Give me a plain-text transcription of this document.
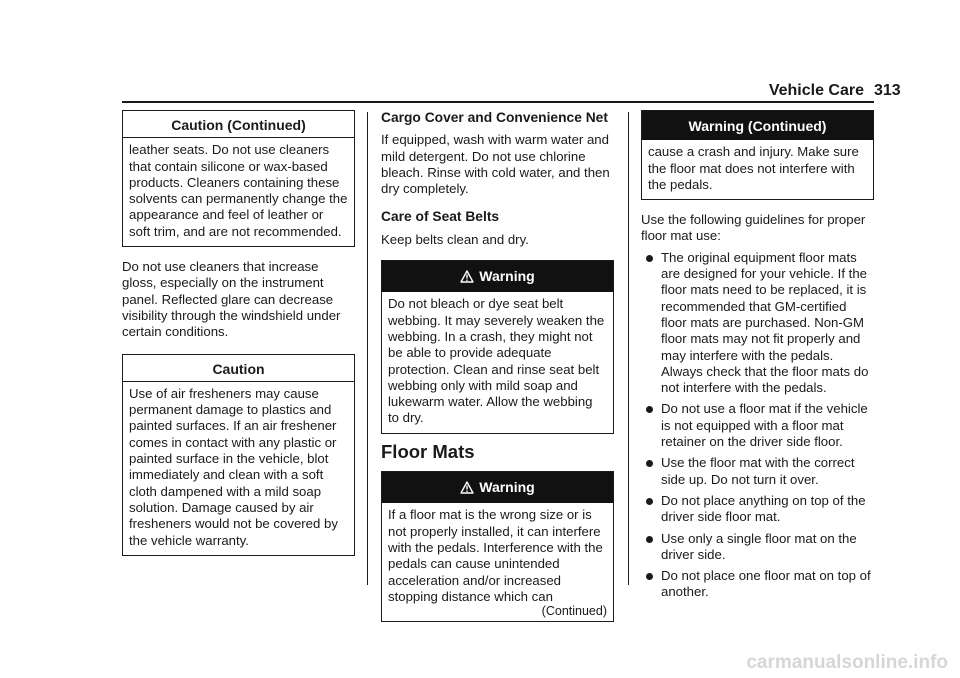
Vehicle Care 313
Caution (Continued)

leather seats. Do not use cleaners that contain silicone or wax-based products. Cleaners containing these solvents can permanently change the appearance and feel of leather or soft trim, and are not recommended.

Do not use cleaners that increase gloss, especially on the instrument panel. Reflected glare can decrease visibility through the windshield under certain conditions.

Caution

Use of air fresheners may cause permanent damage to plastics and painted surfaces. If an air freshener comes in contact with any plastic or painted surface in the vehicle, blot immediately and clean with a soft cloth dampened with a mild soap solution. Damage caused by air fresheners would not be covered by the vehicle warranty.

Cargo Cover and Convenience Net

If equipped, wash with warm water and mild detergent. Do not use chlorine bleach. Rinse with cold water, and then dry completely.

Care of Seat Belts

Keep belts clean and dry.

Warning

Do not bleach or dye seat belt webbing. It may severely weaken the webbing. In a crash, they might not be able to provide adequate protection. Clean and rinse seat belt webbing only with mild soap and lukewarm water. Allow the webbing to dry.

Floor Mats
Warning

If a floor mat is the wrong size or is not properly installed, it can interfere with the pedals. Interference with the pedals can cause unintended acceleration and/or increased stopping distance which can

(Continued)
Warning (Continued)

cause a crash and injury. Make sure the floor mat does not interfere with the pedals.

Use the following guidelines for proper floor mat use:

The original equipment floor mats are designed for your vehicle. If the floor mats need to be replaced, it is recommended that GM-certified floor mats are purchased. Non-GM floor mats may not fit properly and may interfere with the pedals. Always check that the floor mats do not interfere with the pedals.
Do not use a floor mat if the vehicle is not equipped with a floor mat retainer on the driver side floor.
Use the floor mat with the correct side up. Do not turn it over.
Do not place anything on top of the driver side floor mat.
Use only a single floor mat on the driver side.
Do not place one floor mat on top of another.
carmanualsonline.info
